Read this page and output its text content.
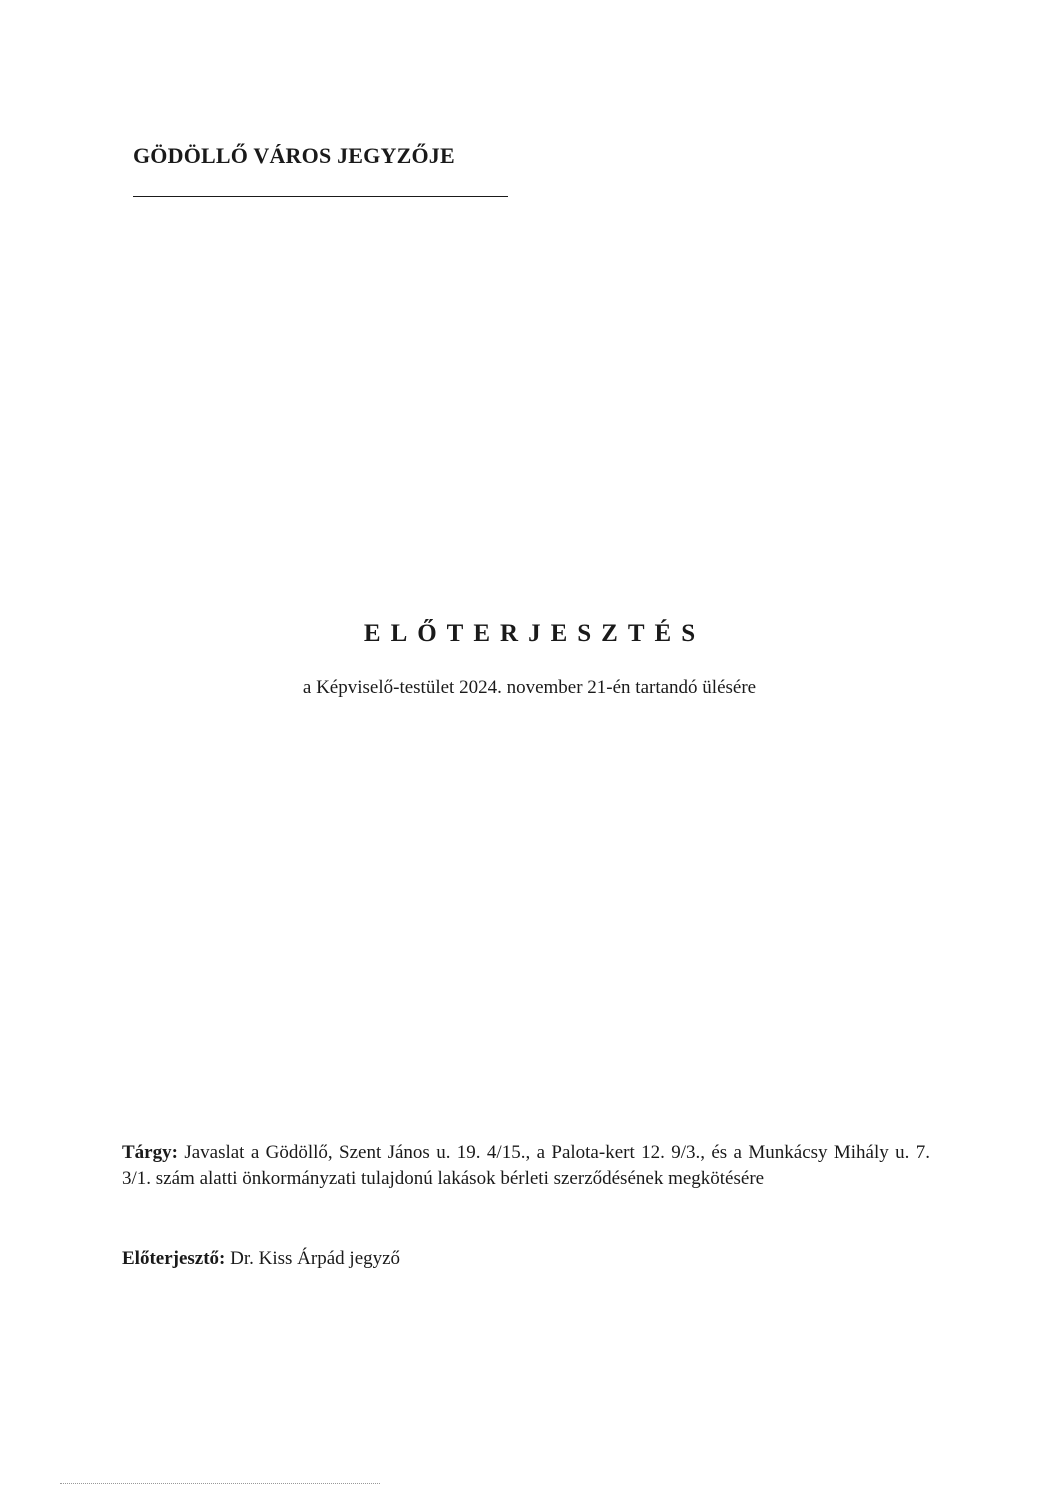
GÖDÖLLŐ VÁROS JEGYZŐJE
ELŐTERJESZTÉS
a Képviselő-testület 2024. november 21-én tartandó ülésére
Tárgy: Javaslat a Gödöllő, Szent János u. 19. 4/15., a Palota-kert 12. 9/3., és a Munkácsy Mihály u. 7. 3/1. szám alatti önkormányzati tulajdonú lakások bérleti szerződésének megkötésére
Előterjesztő: Dr. Kiss Árpád jegyző
